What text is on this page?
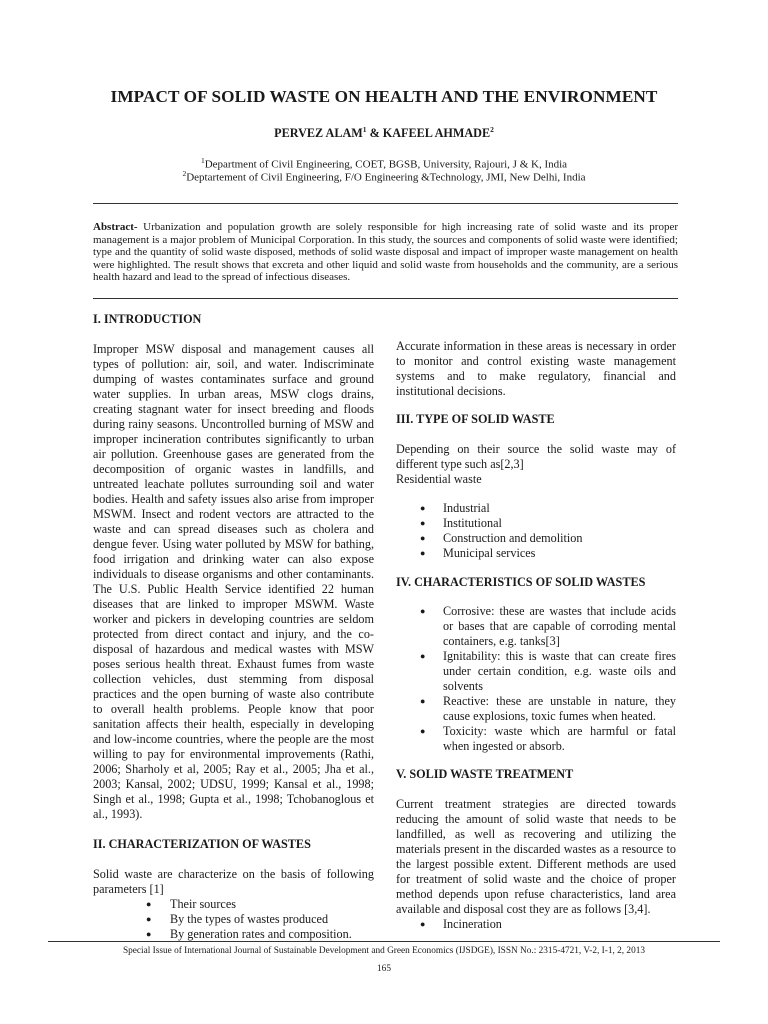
IMPACT OF SOLID WASTE ON HEALTH AND THE ENVIRONMENT
PERVEZ ALAM$^1$ & KAFEEL AHMADE$^2$
$^1$Department of Civil Engineering, COET, BGSB, University, Rajouri, J & K, India
$^2$Deptartement of Civil Engineering, F/O Engineering &Technology, JMI, New Delhi, India
Abstract- Urbanization and population growth are solely responsible for high increasing rate of solid waste and its proper management is a major problem of Municipal Corporation. In this study, the sources and components of solid waste were identified; type and the quantity of solid waste disposed, methods of solid waste disposal and impact of improper waste management on health were highlighted. The result shows that excreta and other liquid and solid waste from households and the community, are a serious health hazard and lead to the spread of infectious diseases.
I. INTRODUCTION

Improper MSW disposal and management causes all types of pollution: air, soil, and water. Indiscriminate dumping of wastes contaminates surface and ground water supplies. In urban areas, MSW clogs drains, creating stagnant water for insect breeding and floods during rainy seasons. Uncontrolled burning of MSW and improper incineration contributes significantly to urban air pollution. Greenhouse gases are generated from the decomposition of organic wastes in landfills, and untreated leachate pollutes surrounding soil and water bodies. Health and safety issues also arise from improper MSWM. Insect and rodent vectors are attracted to the waste and can spread diseases such as cholera and dengue fever. Using water polluted by MSW for bathing, food irrigation and drinking water can also expose individuals to disease organisms and other contaminants. The U.S. Public Health Service identified 22 human diseases that are linked to improper MSWM. Waste worker and pickers in developing countries are seldom protected from direct contact and injury, and the co-disposal of hazardous and medical wastes with MSW poses serious health threat. Exhaust fumes from waste collection vehicles, dust stemming from disposal practices and the open burning of waste also contribute to overall health problems. People know that poor sanitation affects their health, especially in developing and low-income countries, where the people are the most willing to pay for environmental improvements (Rathi, 2006; Sharholy et al, 2005; Ray et al., 2005; Jha et al., 2003; Kansal, 2002; UDSU, 1999; Kansal et al., 1998; Singh et al., 1998; Gupta et al., 1998; Tchobanoglous et al., 1993).

II. CHARACTERIZATION OF WASTES

Solid waste are characterize on the basis of following parameters [1]

● Their sources
● By the types of wastes produced
● By generation rates and composition.

Accurate information in these areas is necessary in order to monitor and control existing waste management systems and to make regulatory, financial and institutional decisions.

III. TYPE OF SOLID WASTE

Depending on their source the solid waste may of different type such as[2,3]

Residential waste

● Industrial
● Institutional
● Construction and demolition
● Municipal services
IV. CHARACTERISTICS OF SOLID WASTES
● Corrosive: these are wastes that include acids or bases that are capable of corroding mental containers, e.g. tanks[3]
● Ignitability: this is waste that can create fires under certain condition, e.g. waste oils and solvents
● Reactive: these are unstable in nature, they cause explosions, toxic fumes when heated.
● Toxicity: waste which are harmful or fatal when ingested or absorb.
V. SOLID WASTE TREATMENT

Current treatment strategies are directed towards reducing the amount of solid waste that needs to be landfilled, as well as recovering and utilizing the materials present in the discarded wastes as a resource to the largest possible extent. Different methods are used for treatment of solid waste and the choice of proper method depends upon refuse characteristics, land area available and disposal cost they are as follows [3,4].

● Incineration
Special Issue of International Journal of Sustainable Development and Green Economics (IJSDGE), ISSN No.: 2315-4721, V-2, I-1, 2, 2013
165
